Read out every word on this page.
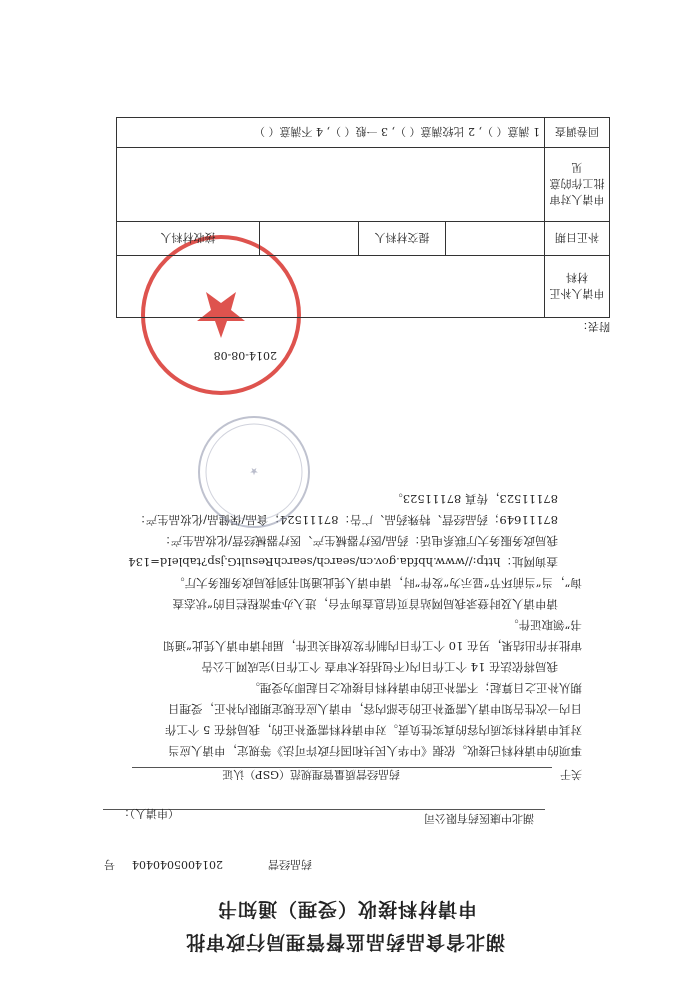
湖北省食品药品监督管理局行政审批
申请材料接收（受理）通知书
药品经营  2014005040404  号
湖北中康医药有限公司
（申请人）：
关于
药品经营质量管理规范（GSP）认证
事项的申请材料已接收。依据《中华人民共和国行政许可法》等规定，申请人应当
对其申请材料实质内容的真实性负责。对申请材料需要补正的，我局将在 5 个工作
日内一次性告知申请人需要补正的全部内容，申请人应在规定期限内补正，受理日
期从补正之日算起；不需补正的申请材料自接收之日起即为受理。
我局将依法在 14 个工作日内(不包括技术审查 个工作日)完成网上公告
审批并作出结果，另在 10 个工作日内制作发放相关证件，届时请申请人凭此“通知
书”领取证件。
请申请人及时登录我局网站首页信息查询平台，进入办事流程栏目的“状态查
询”，当“当前环节”显示为“发件”时，请申请人凭此通知书到我局政务服务大厅。
查询网址：http://www.hbfda.gov.cn/search/searchResultG.jsp?tableId=134
我局政务服务大厅联系电话：药品/医疗器械生产、医疗器械经营/化妆品生产：
87111649；药品经营、特殊药品、广告：87111524；食品/保健品/化妆品生产：
87111523，传真 87111523。
★
2014-08-08
附表：
申请人补正材料				
补正日期		提交材料人		接收材料人
申请人对审批工作的意见				
回卷调查	1 满意（ ）, 2 比较满意（ ）, 3 一般（ ）, 4 不满意（ ）			
